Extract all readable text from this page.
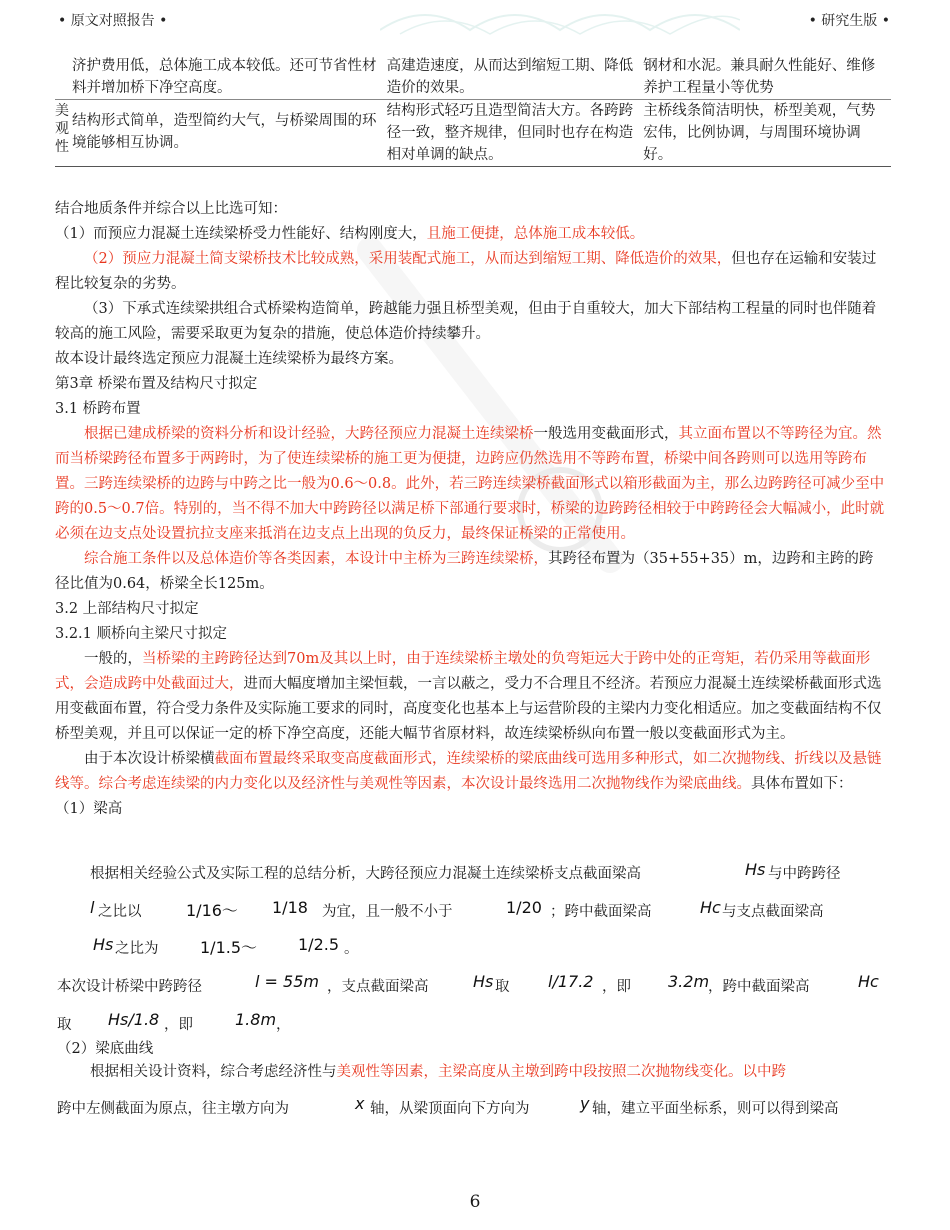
• 原文对照报告 •	• 研究生版 •
	济护费用低，总体施工成本较低。还可节省性材料并增加桥下净空高度。	高建造速度，从而达到缩短工期、降低造价的效果。	钢材和水泥。兼具耐久性能好、维修养护工程量小等优势
美观性	结构形式简单，造型简约大气，与桥梁周围的环境能够相互协调。	结构形式轻巧且造型简洁大方。各跨跨径一致，整齐规律，但同时也存在构造相对单调的缺点。	主桥线条简洁明快，桥型美观，气势宏伟，比例协调，与周围环境协调好。

结合地质条件并综合以上比选可知：

（1）而预应力混凝土连续梁桥受力性能好、结构刚度大，且施工便捷，总体施工成本较低。

（2）预应力混凝土简支梁桥技术比较成熟，采用装配式施工，从而达到缩短工期、降低造价的效果，但也存在运输和安装过程比较复杂的劣势。

（3）下承式连续梁拱组合式桥梁构造简单，跨越能力强且桥型美观，但由于自重较大，加大下部结构工程量的同时也伴随着较高的施工风险，需要采取更为复杂的措施，使总体造价持续攀升。

故本设计最终选定预应力混凝土连续梁桥为最终方案。

第3章 桥梁布置及结构尺寸拟定

3.1 桥跨布置

根据已建成桥梁的资料分析和设计经验，大跨径预应力混凝土连续梁桥一般选用变截面形式，其立面布置以不等跨径为宜。然而当桥梁跨径布置多于两跨时，为了使连续梁桥的施工更为便捷，边跨应仍然选用不等跨布置，桥梁中间各跨则可以选用等跨布置。三跨连续梁桥的边跨与中跨之比一般为0.6～0.8。此外，若三跨连续梁桥截面形式以箱形截面为主，那么边跨跨径可减少至中跨的0.5～0.7倍。特别的，当不得不加大中跨跨径以满足桥下部通行要求时，桥梁的边跨跨径相较于中跨跨径会大幅减小，此时就必须在边支点处设置抗拉支座来抵消在边支点上出现的负反力，最终保证桥梁的正常使用。

综合施工条件以及总体造价等各类因素，本设计中主桥为三跨连续梁桥，其跨径布置为（35+55+35）m，边跨和主跨的跨径比值为0.64，桥梁全长125m。

3.2 上部结构尺寸拟定

3.2.1 顺桥向主梁尺寸拟定

一般的，当桥梁的主跨跨径达到70m及其以上时，由于连续梁桥主墩处的负弯矩远大于跨中处的正弯矩，若仍采用等截面形式，会造成跨中处截面过大，进而大幅度增加主梁恒载，一言以蔽之，受力不合理且不经济。若预应力混凝土连续梁桥截面形式选用变截面布置，符合受力条件及实际施工要求的同时，高度变化也基本上与运营阶段的主梁内力变化相适应。加之变截面结构不仅桥型美观，并且可以保证一定的桥下净空高度，还能大幅节省原材料，故连续梁桥纵向布置一般以变截面形式为主。

由于本次设计桥梁横截面布置最终采取变高度截面形式，连续梁桥的梁底曲线可选用多种形式，如二次抛物线、折线以及悬链线等。综合考虑连续梁的内力变化以及经济性与美观性等因素，本次设计最终选用二次抛物线作为梁底曲线。具体布置如下：

（1）梁高

根据相关经验公式及实际工程的总结分析，大跨径预应力混凝土连续梁桥支点截面梁高	Hs 与中跨跨径
l 之比以	1/16～ 1/18 为宜，且一般不小于	1/20 ；跨中截面梁高	Hc 与支点截面梁高
Hs 之比为	1/1.5～	1/2.5 。
本次设计桥梁中跨跨径	l = 55m ，支点截面梁高	Hs 取 l/17.2 ，即 3.2m
，跨中截面梁高	Hc
取 Hs/1.8 ，即	1.8m ，
（2）梁底曲线
根据相关设计资料，综合考虑经济性与美观性等因素，主梁高度从主墩到跨中段按照二次抛物线变化。以中跨
跨中左侧截面为原点，往主墩方向为	x 轴，从梁顶面向下方向为	y 轴，建立平面坐标系，则可以得到梁高
6
